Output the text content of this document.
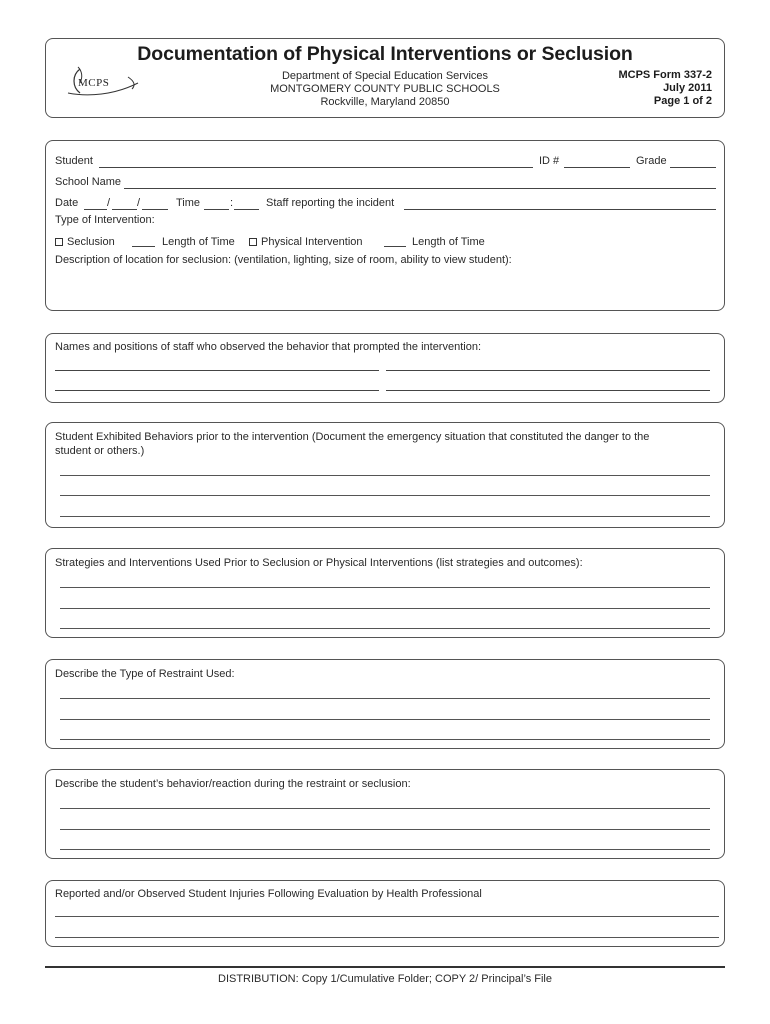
Documentation of Physical Interventions or Seclusion
MCPS
Department of Special Education Services
MONTGOMERY COUNTY PUBLIC SCHOOLS
Rockville, Maryland 20850
MCPS Form 337-2
July 2011
Page 1 of 2
Student	ID #	Grade
School Name
Date	/ /	Time	:	Staff reporting the incident
Type of Intervention:
Seclusion	Length of Time	Physical Intervention	Length of Time
Description of location for seclusion: (ventilation, lighting, size of room, ability to view student):
Names and positions of staff who observed the behavior that prompted the intervention:
Student Exhibited Behaviors prior to the intervention (Document the emergency situation that constituted the danger to the
student or others.)
Strategies and Interventions Used Prior to Seclusion or Physical Interventions (list strategies and outcomes):
Describe the Type of Restraint Used:
Describe the student’s behavior/reaction during the restraint or seclusion:
Reported and/or Observed Student Injuries Following Evaluation by Health Professional
DISTRIBUTION: Copy 1/Cumulative Folder; COPY 2/ Principal’s File
